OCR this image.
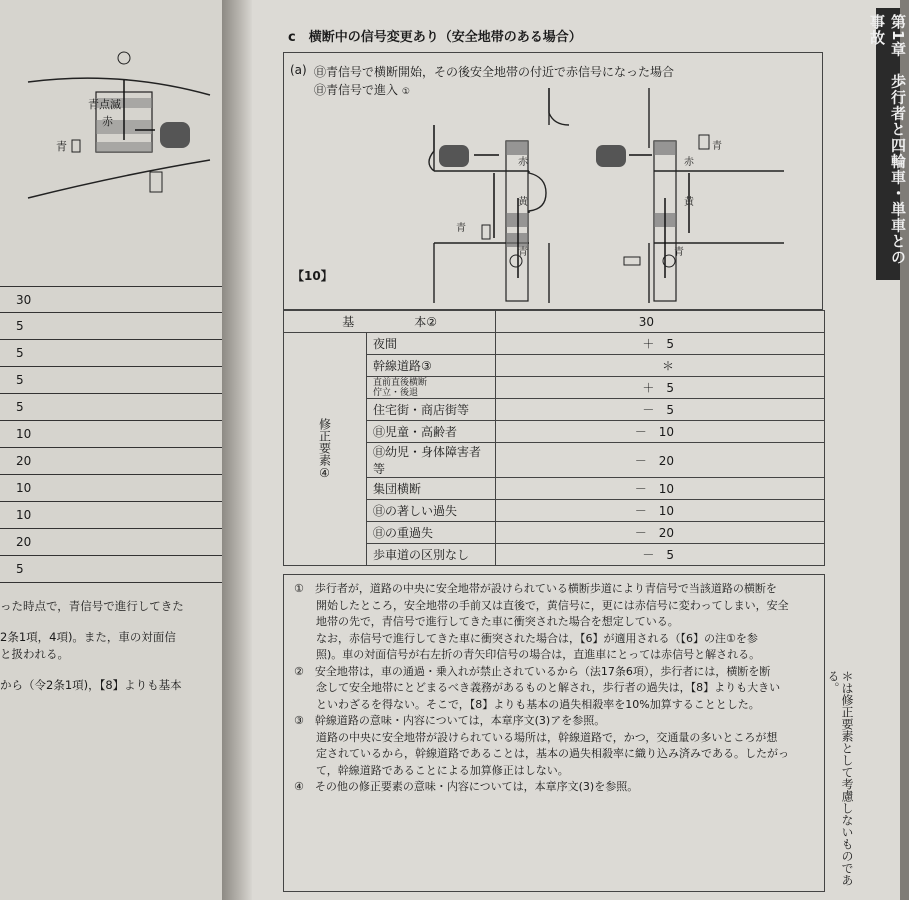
青点滅
赤
青
30
5
5
5
5
10
20
10
10
20
5

った時点で，青信号で進行してきた

2条1項，4項)。また，車の対面信

と扱われる。

から（令2条1項)，【8】よりも基本

c　横断中の信号変更あり（安全地帯のある場合）
(a) ㊐青信号で横断開始，その後安全地帯の付近で赤信号になった場合
㊐青信号で進入 ①
赤
黄
青
青
赤
黄
青
青
【10】
基　　　　　本②		30
修正要素④	夜間	＋　5
	幹線道路③	＊
	直前直後横断
佇立・後退	＋　5
	住宅街・商店街等	－　5
	㊐児童・高齢者	－　10
	㊐幼児・身体障害者等	－　20
	集団横断	－　10
	㊐の著しい過失	－　10
	㊐の重過失	－　20
	歩車道の区別なし	－　5

①　歩行者が，道路の中央に安全地帯が設けられている横断歩道により青信号で当該道路の横断を

開始したところ，安全地帯の手前又は直後で，黄信号に，更には赤信号に変わってしまい，安全

地帯の先で，青信号で進行してきた車に衝突された場合を想定している。

なお，赤信号で進行してきた車に衝突された場合は，【6】が適用される（【6】の注①を参

照)。車の対面信号が右左折の青矢印信号の場合は，直進車にとっては赤信号と解される。

②　安全地帯は，車の通過・乗入れが禁止されているから（法17条6項），歩行者には，横断を断

念して安全地帯にとどまるべき義務があるものと解され，歩行者の過失は，【8】よりも大きい

といわざるを得ない。そこで，【8】よりも基本の過失相殺率を10%加算することとした。

③　幹線道路の意味・内容については，本章序文(3)アを参照。

道路の中央に安全地帯が設けられている場所は，幹線道路で，かつ，交通量の多いところが想

定されているから，幹線道路であることは，基本の過失相殺率に織り込み済みである。したがっ

て，幹線道路であることによる加算修正はしない。

④　その他の修正要素の意味・内容については，本章序文(3)を参照。	＊は修正要素として考慮しないものである。
第1章　歩行者と四輪車・単車との事故
